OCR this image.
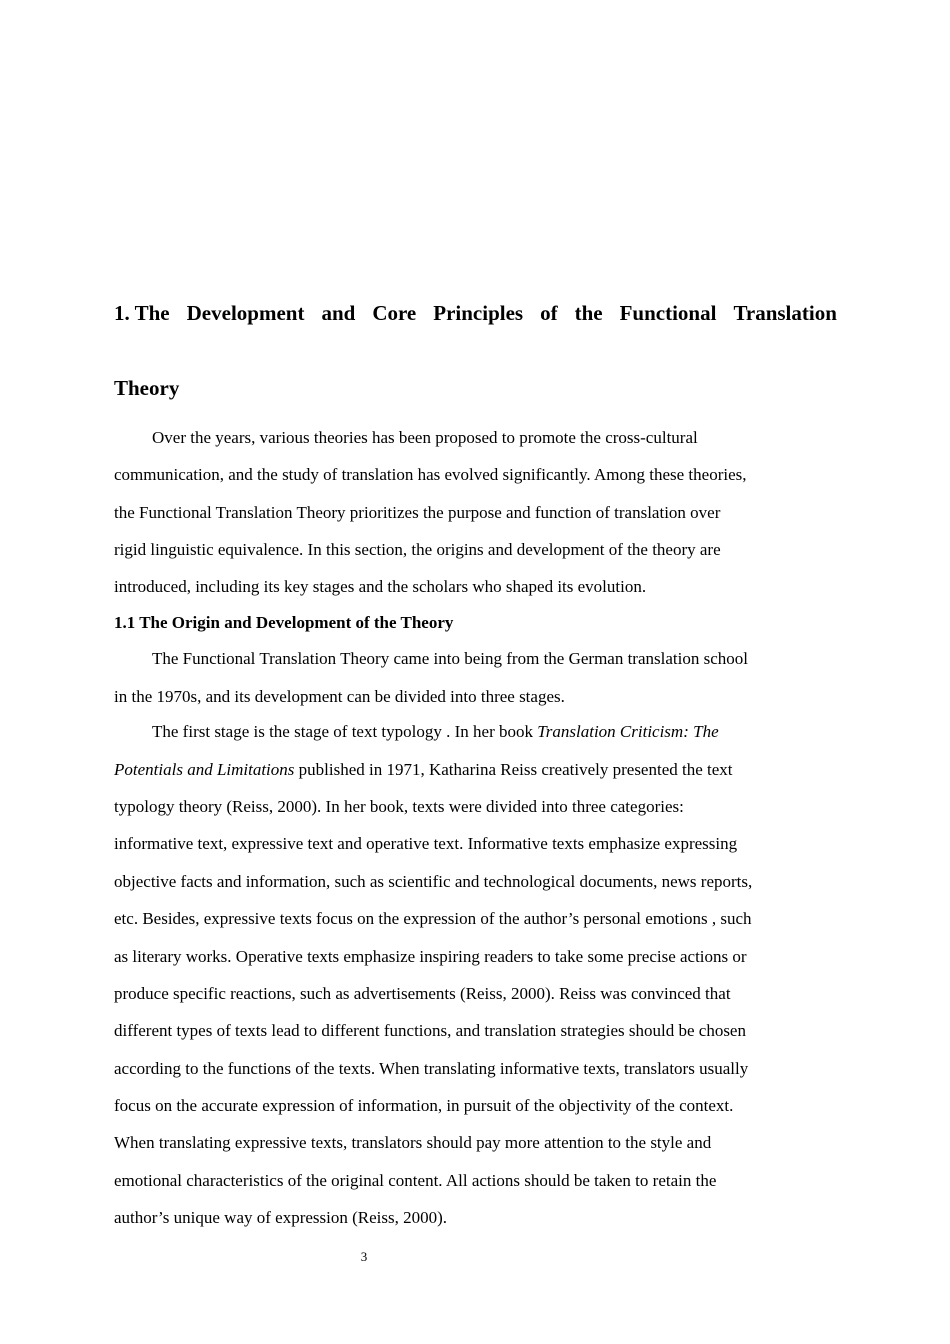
1. The Development and Core Principles of the Functional Translation
Theory
Over the years, various theories has been proposed to promote the cross-cultural
communication, and the study of translation has evolved significantly. Among these theories,
the Functional Translation Theory prioritizes the purpose and function of translation over
rigid linguistic equivalence. In this section, the origins and development of the theory are
introduced, including its key stages and the scholars who shaped its evolution.
1.1 The Origin and Development of the Theory
The Functional Translation Theory came into being from the German translation school
in the 1970s, and its development can be divided into three stages.
The first stage is the stage of text typology . In her book Translation Criticism: The
Potentials and Limitations published in 1971, Katharina Reiss creatively presented the text
typology theory (Reiss, 2000). In her book, texts were divided into three categories:
informative text, expressive text and operative text. Informative texts emphasize expressing
objective facts and information, such as scientific and technological documents, news reports,
etc. Besides, expressive texts focus on the expression of the author’s personal emotions , such
as literary works. Operative texts emphasize inspiring readers to take some precise actions or
produce specific reactions, such as advertisements (Reiss, 2000). Reiss was convinced that
different types of texts lead to different functions, and translation strategies should be chosen
according to the functions of the texts. When translating informative texts, translators usually
focus on the accurate expression of information, in pursuit of the objectivity of the context.
When translating expressive texts, translators should pay more attention to the style and
emotional characteristics of the original content. All actions should be taken to retain the
author’s unique way of expression (Reiss, 2000).
3
